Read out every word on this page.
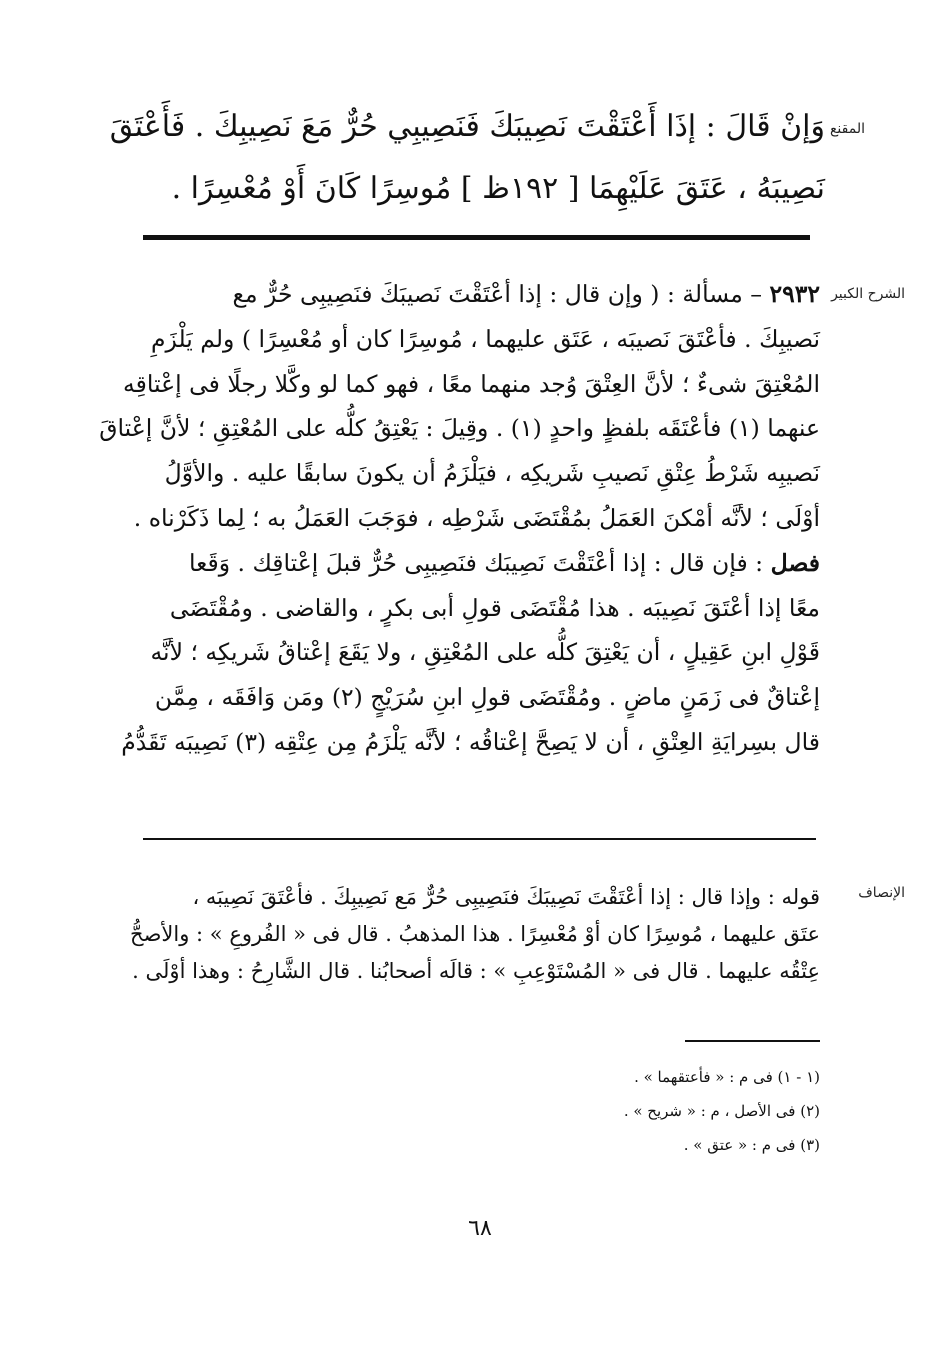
المقنع
وَإنْ قَالَ : إذَا أَعْتَقْتَ نَصِيبَكَ فَنَصِيبِي حُرٌّ مَعَ نَصِيبِكَ . فَأَعْتَقَ
نَصِيبَهُ ، عَتَقَ عَلَيْهِمَا [ ١٩٢ظ ] مُوسِرًا كَانَ أَوْ مُعْسِرًا .
الشرح الكبير
٢٩٣٢ – مسألة : ( وإن قال : إذا أعْتَقْتَ نَصيبَكَ فنَصِيبِى حُرٌّ مع
نَصيبِكَ . فأعْتَقَ نَصيبَه ، عَتَق عليهما ، مُوسِرًا كان أو مُعْسِرًا ) ولم يَلْزَمِ
المُعْتِقَ شىءٌ ؛ لأنَّ العِتْقَ وُجد منهما معًا ، فهو كما لو وكَّلا رجلًا فى إعْتاقِه
عنهما (١) فأعْتَقَه بلفظٍ واحدٍ (١) . وقِيلَ : يَعْتِقُ كلُّه على المُعْتِقِ ؛ لأنَّ إعْتاقَ
نَصيبِه شَرْطُ عِتْقِ نَصيبِ شَريكِه ، فيَلْزَمُ أن يكونَ سابقًا عليه . والأوَّلُ
أوْلَى ؛ لأنَّه أمْكنَ العَمَلُ بمُقْتَضَى شَرْطِه ، فوَجَبَ العَمَلُ به ؛ لِما ذَكَرْناه .
فصل : فإن قال : إذا أعْتَقْتَ نَصِيبَك فنَصِيبِى حُرٌّ قبلَ إعْتاقِك . وَقَعا
معًا إذا أعْتَقَ نَصِيبَه . هذا مُقْتَضَى قولِ أبى بكرٍ ، والقاضى . ومُقْتَضَى
قَوْلِ ابنِ عَقِيلٍ ، أن يَعْتِقَ كلُّه على المُعْتِقِ ، ولا يَقَعَ إعْتاقُ شَريكِه ؛ لأنَّه
إعْتاقٌ فى زَمَنٍ ماضٍ . ومُقْتَضَى قولِ ابنِ سُرَيْجٍ (٢) ومَن وَافَقَه ، مِمَّن
قال بسِرايَةِ العِتْقِ ، أن لا يَصِحَّ إعْتاقُه ؛ لأنَّه يَلْزَمُ مِن عِتْقِه (٣) نَصِيبَه تَقَدُّمُ
الإنصاف
قوله : وإذا قال : إذا أعْتَقْتَ نَصِيبَكَ فنَصِيبِى حُرٌّ مَع نَصِيبِكَ . فأعْتَقَ نَصِيبَه ،
عتَق عليهما ، مُوسِرًا كان أوْ مُعْسِرًا . هذا المذهبُ . قال فى « الفُروعِ » : والأصحُّ
عِتْقُه عليهما . قال فى « المُسْتَوْعِبِ » : قالَه أصحابُنا . قال الشَّارِحُ : وهذا أوْلَى .
(١ - ١) فى م : « فأعتقهما » .
(٢) فى الأصل ، م : « شريح » .
(٣) فى م : « عتق » .
٦٨
